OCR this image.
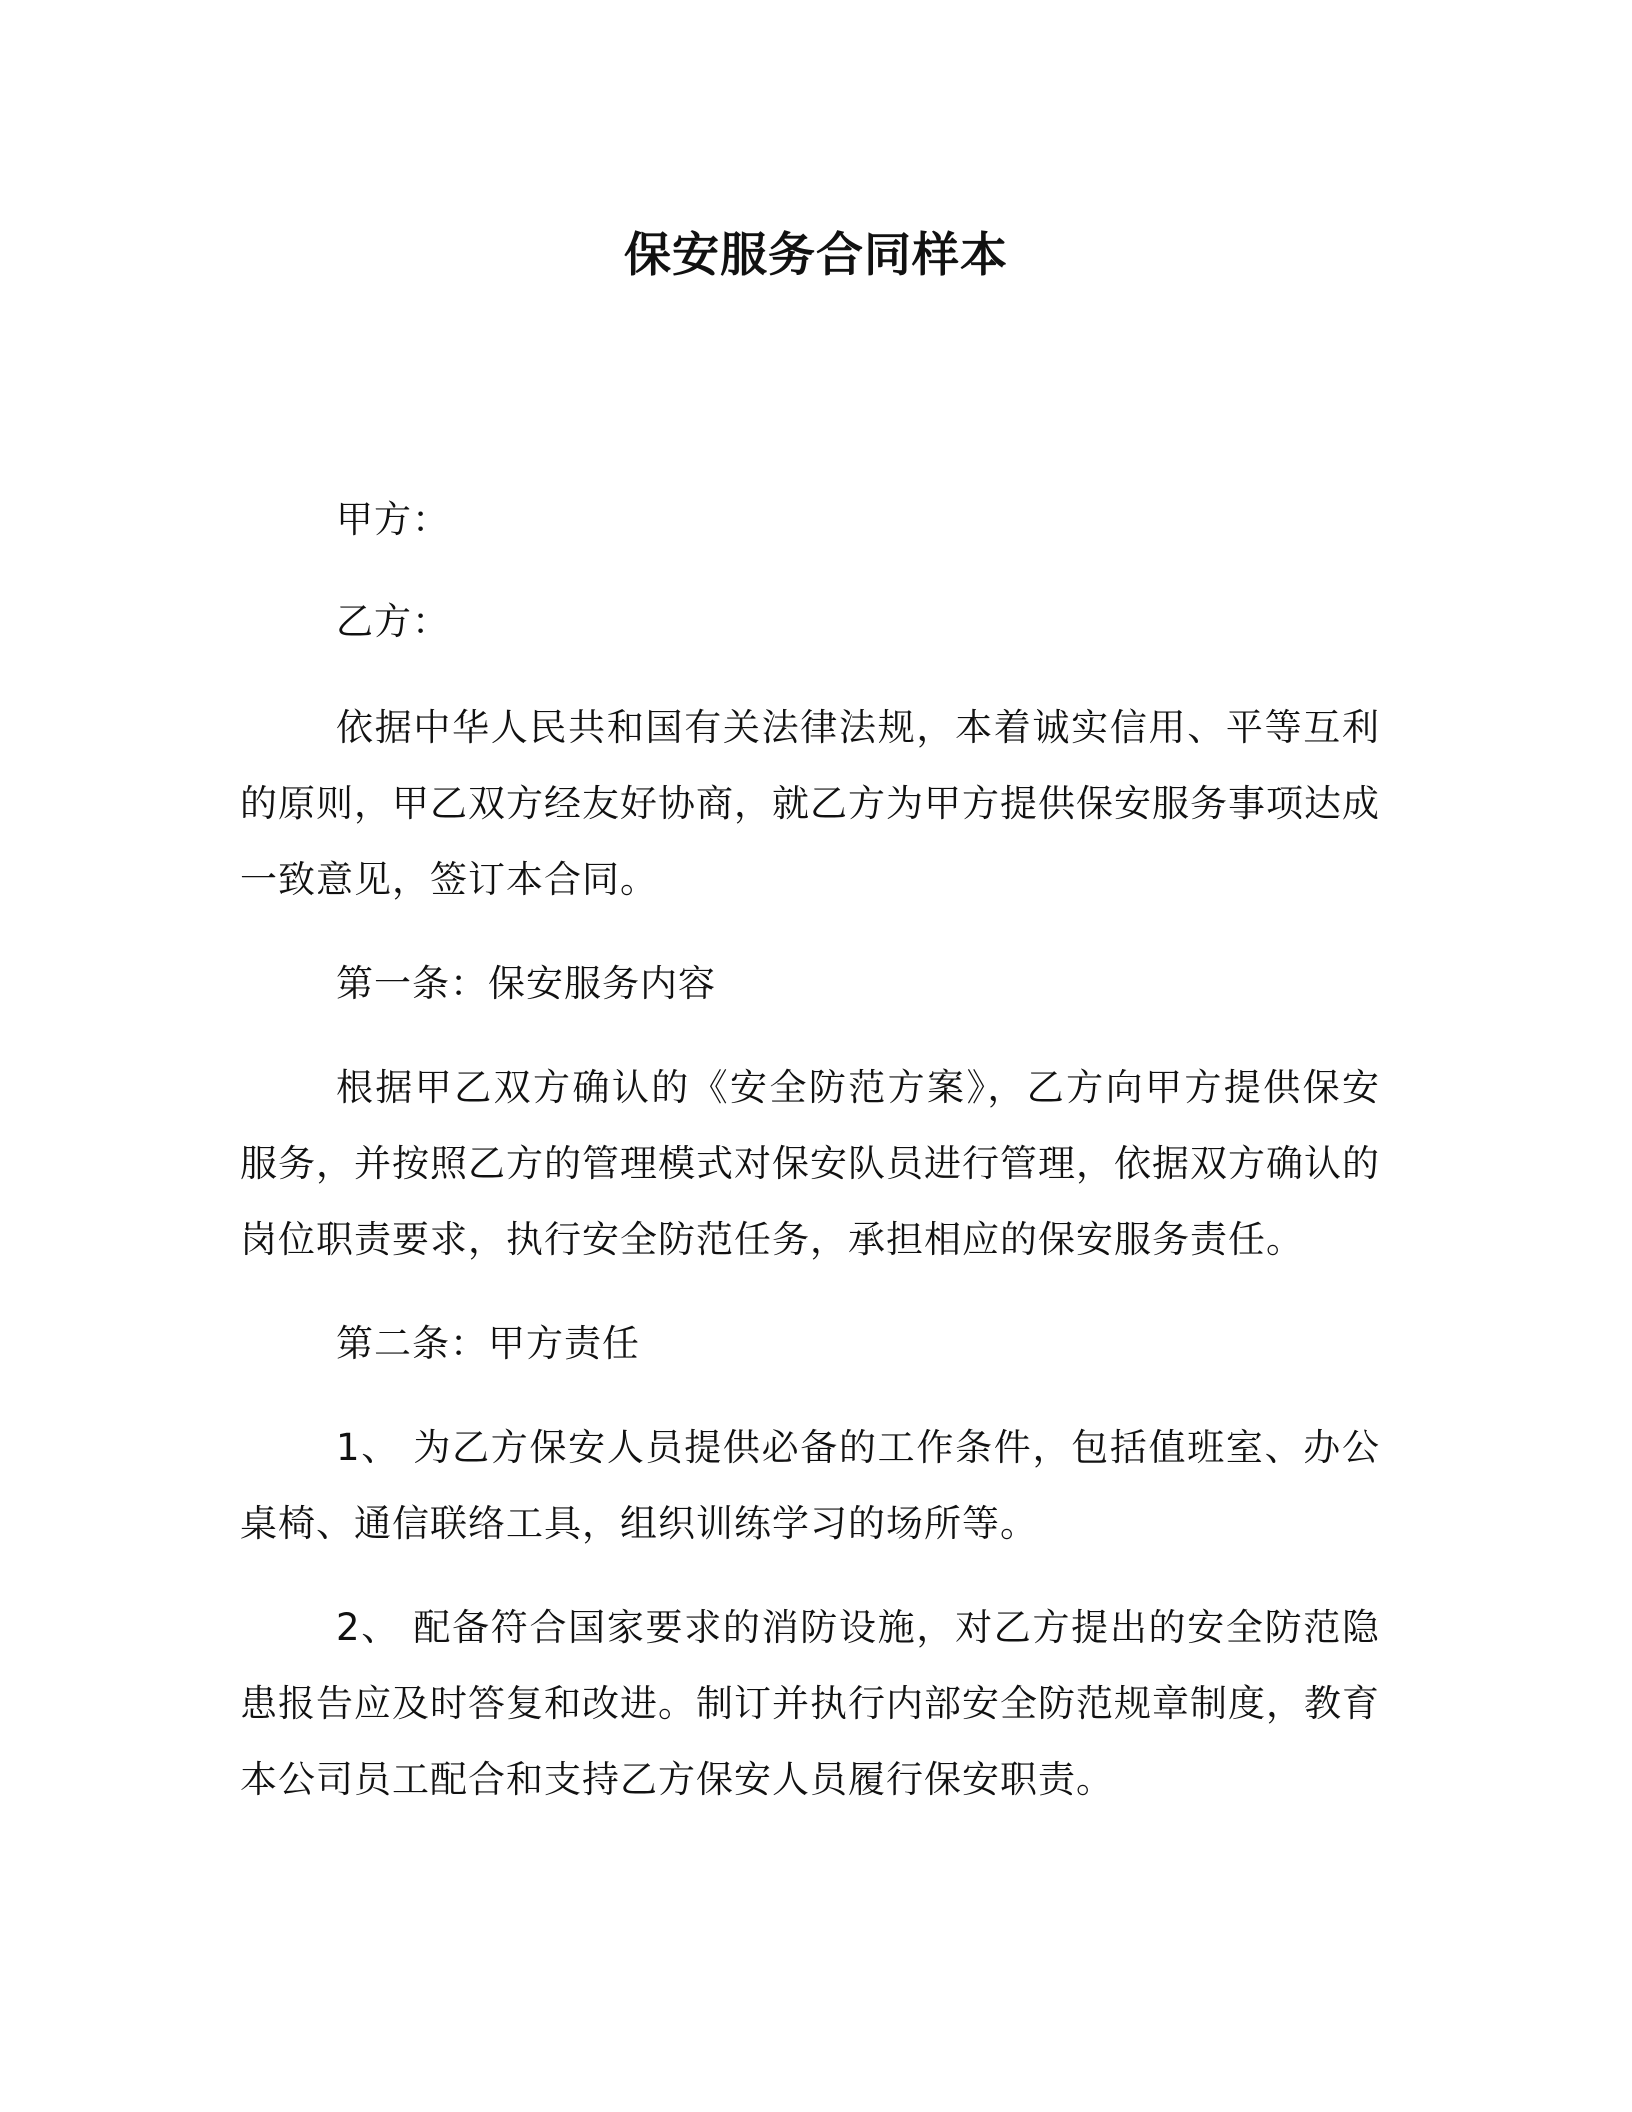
保安服务合同样本

甲方：

乙方：

依据中华人民共和国有关法律法规，本着诚实信用、平等互利的原则，甲乙双方经友好协商，就乙方为甲方提供保安服务事项达成一致意见，签订本合同。

第一条：保安服务内容

根据甲乙双方确认的《安全防范方案》，乙方向甲方提供保安服务，并按照乙方的管理模式对保安队员进行管理，依据双方确认的岗位职责要求，执行安全防范任务，承担相应的保安服务责任。

第二条：甲方责任

1、 为乙方保安人员提供必备的工作条件，包括值班室、办公桌椅、通信联络工具，组织训练学习的场所等。

2、 配备符合国家要求的消防设施，对乙方提出的安全防范隐患报告应及时答复和改进。制订并执行内部安全防范规章制度，教育本公司员工配合和支持乙方保安人员履行保安职责。
